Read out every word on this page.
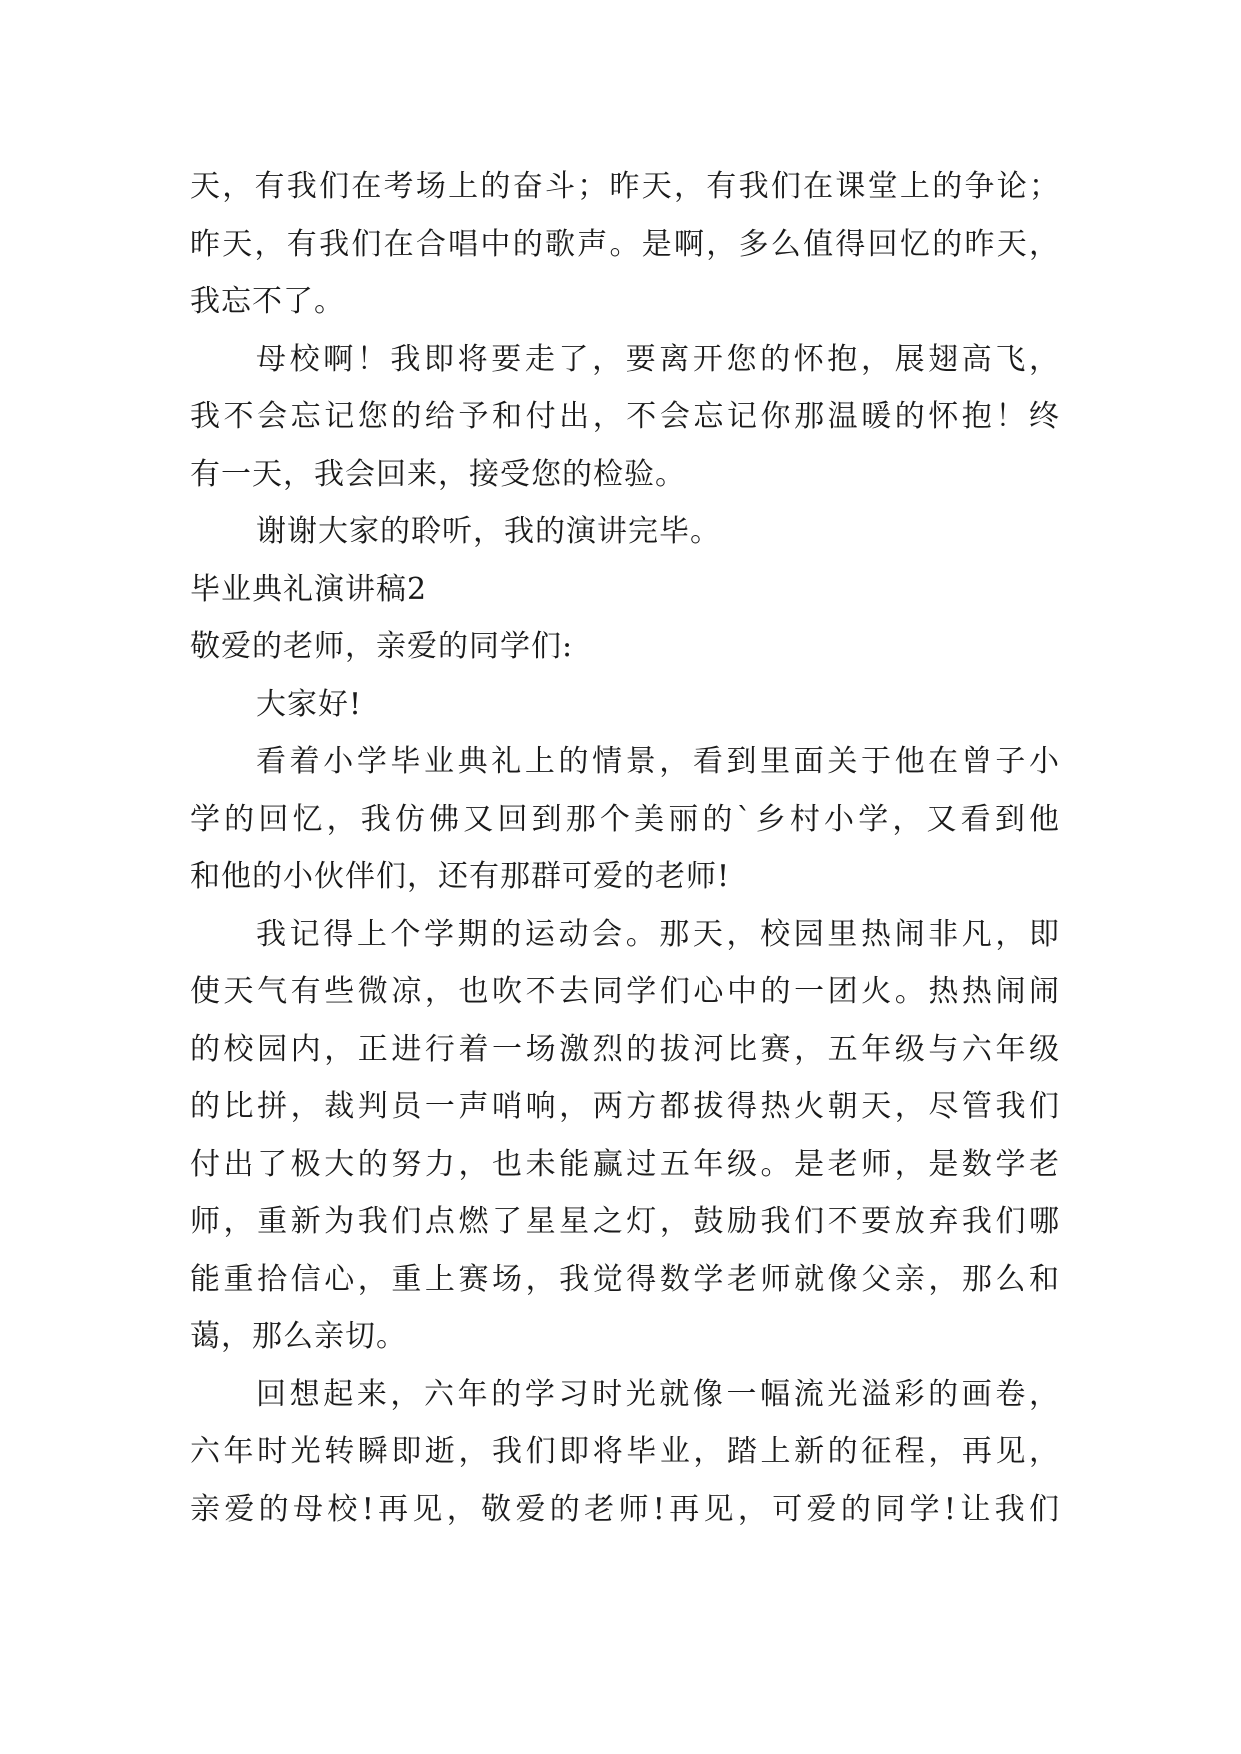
天，有我们在考场上的奋斗；昨天，有我们在课堂上的争论；
昨天，有我们在合唱中的歌声。是啊，多么值得回忆的昨天，
我忘不了。
母校啊！我即将要走了，要离开您的怀抱，展翅高飞，
我不会忘记您的给予和付出，不会忘记你那温暖的怀抱！终
有一天，我会回来，接受您的检验。
谢谢大家的聆听，我的演讲完毕。
毕业典礼演讲稿2
敬爱的老师，亲爱的同学们:
大家好!
看着小学毕业典礼上的情景，看到里面关于他在曾子小
学的回忆，我仿佛又回到那个美丽的`乡村小学，又看到他
和他的小伙伴们，还有那群可爱的老师!
我记得上个学期的运动会。那天，校园里热闹非凡，即
使天气有些微凉，也吹不去同学们心中的一团火。热热闹闹
的校园内，正进行着一场激烈的拔河比赛，五年级与六年级
的比拼，裁判员一声哨响，两方都拔得热火朝天，尽管我们
付出了极大的努力，也未能赢过五年级。是老师，是数学老
师，重新为我们点燃了星星之灯，鼓励我们不要放弃我们哪
能重拾信心，重上赛场，我觉得数学老师就像父亲，那么和
蔼，那么亲切。
回想起来，六年的学习时光就像一幅流光溢彩的画卷，
六年时光转瞬即逝，我们即将毕业，踏上新的征程，再见，
亲爱的母校!再见，敬爱的老师!再见，可爱的同学!让我们
